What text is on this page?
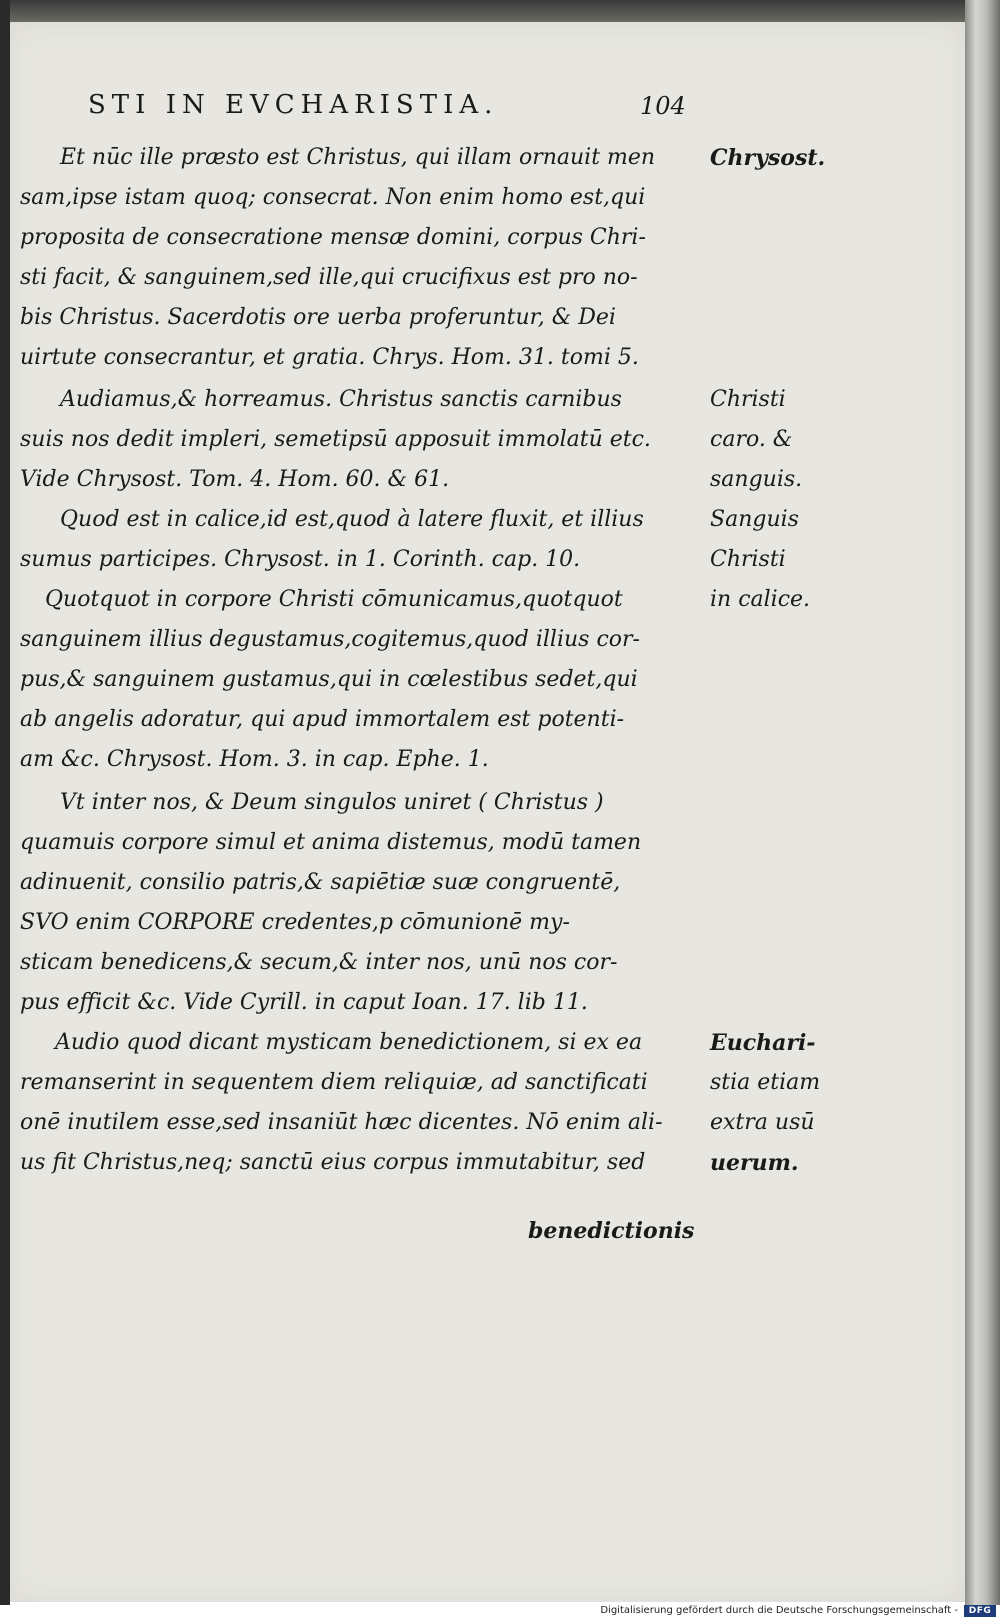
STI IN EVCHARISTIA.	104
Et nūc ille præsto est Christus, qui illam ornauit men
sam,ipse istam quoq; consecrat. Non enim homo est,qui
proposita de consecratione mensæ domini, corpus Chri-
sti facit, & sanguinem,sed ille,qui crucifixus est pro no-
bis Christus. Sacerdotis ore uerba proferuntur, & Dei
uirtute consecrantur, et gratia. Chrys. Hom. 31. tomi 5.
Audiamus,& horreamus. Christus sanctis carnibus
suis nos dedit impleri, semetipsū apposuit immolatū etc.
Vide Chrysost. Tom. 4. Hom. 60. & 61.
Quod est in calice,id est,quod à latere fluxit, et illius
sumus participes. Chrysost. in 1. Corinth. cap. 10.
Quotquot in corpore Christi cōmunicamus,quotquot
sanguinem illius degustamus,cogitemus,quod illius cor-
pus,& sanguinem gustamus,qui in cœlestibus sedet,qui
ab angelis adoratur, qui apud immortalem est potenti-
am &c. Chrysost. Hom. 3. in cap. Ephe. 1.
Vt inter nos, & Deum singulos uniret ( Christus )
quamuis corpore simul et anima distemus, modū tamen
adinuenit, consilio patris,& sapiētiæ suæ congruentē,
SVO enim CORPORE credentes,p cōmunionē my-
sticam benedicens,& secum,& inter nos, unū nos cor-
pus efficit &c. Vide Cyrill. in caput Ioan. 17. lib 11.
Audio quod dicant mysticam benedictionem, si ex ea
remanserint in sequentem diem reliquiæ, ad sanctificati
onē inutilem esse,sed insaniūt hæc dicentes. Nō enim ali-
us fit Christus,neq; sanctū eius corpus immutabitur, sed
Chrysost.
Christi
caro. &
sanguis.
Sanguis
Christi
in calice.
Euchari-
stia etiam
extra usū
uerum.
benedictionis
Digitalisierung gefördert durch die Deutsche Forschungsgemeinschaft -	DFG
